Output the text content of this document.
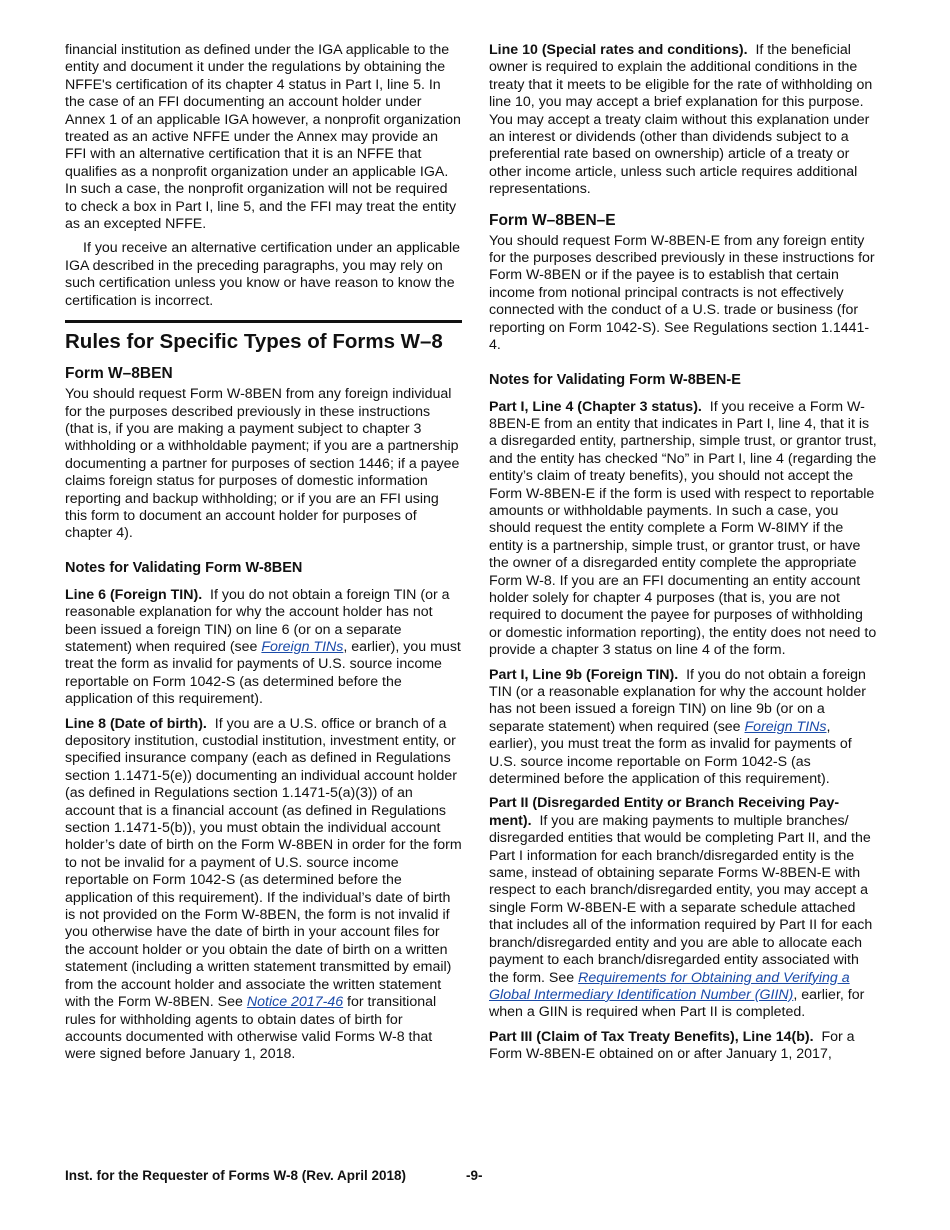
financial institution as defined under the IGA applicable to the entity and document it under the regulations by obtaining the NFFE's certification of its chapter 4 status in Part I, line 5. In the case of an FFI documenting an account holder under Annex 1 of an applicable IGA however, a nonprofit organization treated as an active NFFE under the Annex may provide an FFI with an alternative certification that it is an NFFE that qualifies as a nonprofit organization under an applicable IGA. In such a case, the nonprofit organization will not be required to check a box in Part I, line 5, and the FFI may treat the entity as an excepted NFFE.

If you receive an alternative certification under an applicable IGA described in the preceding paragraphs, you may rely on such certification unless you know or have reason to know the certification is incorrect.

Rules for Specific Types of Forms W–8
Form W–8BEN

You should request Form W-8BEN from any foreign individual for the purposes described previously in these instructions (that is, if you are making a payment subject to chapter 3 withholding or a withholdable payment; if you are a partnership documenting a partner for purposes of section 1446; if a payee claims foreign status for purposes of domestic information reporting and backup withholding; or if you are an FFI using this form to document an account holder for purposes of chapter 4).

Notes for Validating Form W-8BEN

Line 6 (Foreign TIN). If you do not obtain a foreign TIN (or a reasonable explanation for why the account holder has not been issued a foreign TIN) on line 6 (or on a separate statement) when required (see Foreign TINs, earlier), you must treat the form as invalid for payments of U.S. source income reportable on Form 1042-S (as determined before the application of this requirement).

Line 8 (Date of birth). If you are a U.S. office or branch of a depository institution, custodial institution, investment entity, or specified insurance company (each as defined in Regulations section 1.1471-5(e)) documenting an individual account holder (as defined in Regulations section 1.1471-5(a)(3)) of an account that is a financial account (as defined in Regulations section 1.1471-5(b)), you must obtain the individual account holder’s date of birth on the Form W-8BEN in order for the form to not be invalid for a payment of U.S. source income reportable on Form 1042-S (as determined before the application of this requirement). If the individual’s date of birth is not provided on the Form W-8BEN, the form is not invalid if you otherwise have the date of birth in your account files for the account holder or you obtain the date of birth on a written statement (including a written statement transmitted by email) from the account holder and associate the written statement with the Form W-8BEN. See Notice 2017-46 for transitional rules for withholding agents to obtain dates of birth for accounts documented with otherwise valid Forms W-8 that were signed before January 1, 2018.

Line 10 (Special rates and conditions). If the beneficial owner is required to explain the additional conditions in the treaty that it meets to be eligible for the rate of withholding on line 10, you may accept a brief explanation for this purpose. You may accept a treaty claim without this explanation under an interest or dividends (other than dividends subject to a preferential rate based on ownership) article of a treaty or other income article, unless such article requires additional representations.

Form W–8BEN–E

You should request Form W-8BEN-E from any foreign entity for the purposes described previously in these instructions for Form W-8BEN or if the payee is to establish that certain income from notional principal contracts is not effectively connected with the conduct of a U.S. trade or business (for reporting on Form 1042-S). See Regulations section 1.1441-4.

Notes for Validating Form W-8BEN-E

Part I, Line 4 (Chapter 3 status). If you receive a Form W-8BEN-E from an entity that indicates in Part I, line 4, that it is a disregarded entity, partnership, simple trust, or grantor trust, and the entity has checked “No” in Part I, line 4 (regarding the entity’s claim of treaty benefits), you should not accept the Form W-8BEN-E if the form is used with respect to reportable amounts or withholdable payments. In such a case, you should request the entity complete a Form W-8IMY if the entity is a partnership, simple trust, or grantor trust, or have the owner of a disregarded entity complete the appropriate Form W-8. If you are an FFI documenting an entity account holder solely for chapter 4 purposes (that is, you are not required to document the payee for purposes of withholding or domestic information reporting), the entity does not need to provide a chapter 3 status on line 4 of the form.

Part I, Line 9b (Foreign TIN). If you do not obtain a foreign TIN (or a reasonable explanation for why the account holder has not been issued a foreign TIN) on line 9b (or on a separate statement) when required (see Foreign TINs, earlier), you must treat the form as invalid for payments of U.S. source income reportable on Form 1042-S (as determined before the application of this requirement).

Part II (Disregarded Entity or Branch Receiving Pay-ment). If you are making payments to multiple branches/ disregarded entities that would be completing Part II, and the Part I information for each branch/disregarded entity is the same, instead of obtaining separate Forms W-8BEN-E with respect to each branch/disregarded entity, you may accept a single Form W-8BEN-E with a separate schedule attached that includes all of the information required by Part II for each branch/disregarded entity and you are able to allocate each payment to each branch/disregarded entity associated with the form. See Requirements for Obtaining and Verifying a Global Intermediary Identification Number (GIIN), earlier, for when a GIIN is required when Part II is completed.

Part III (Claim of Tax Treaty Benefits), Line 14(b). For a Form W-8BEN-E obtained on or after January 1, 2017,

Inst. for the Requester of Forms W-8 (Rev. April 2018)	-9-
